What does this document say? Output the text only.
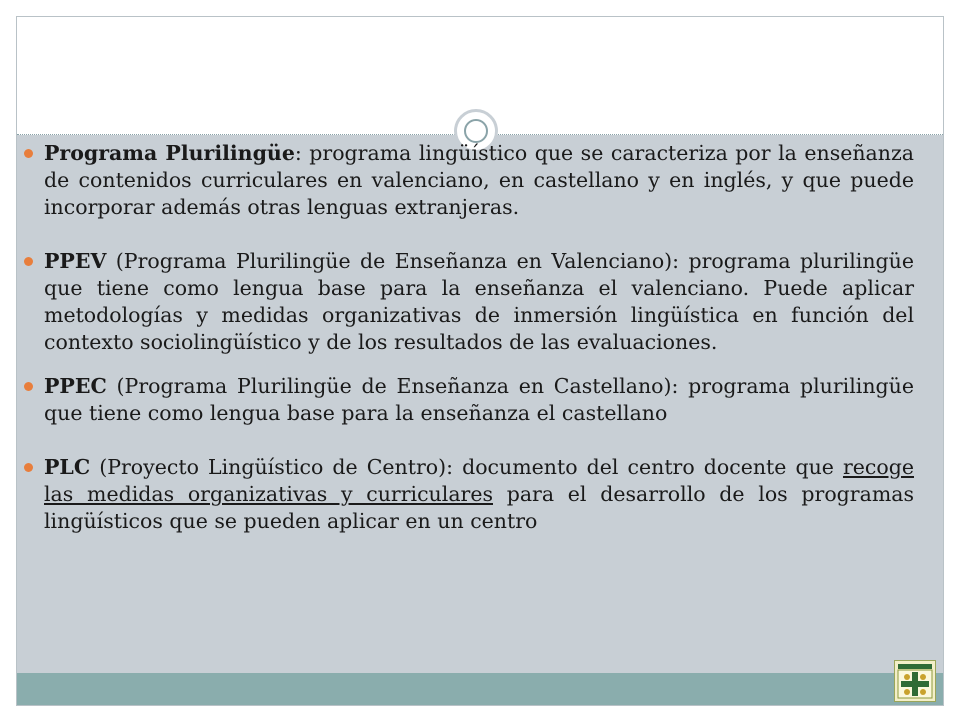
Programa Plurilingüe: programa lingüístico que se caracteriza por la enseñanza de contenidos curriculares en valenciano, en castellano y en inglés, y que puede incorporar además otras lenguas extranjeras.
PPEV (Programa Plurilingüe de Enseñanza en Valenciano): programa plurilingüe que tiene como lengua base para la enseñanza el valenciano. Puede aplicar metodologías y medidas organizativas de inmersión lingüística en función del contexto sociolingüístico y de los resultados de las evaluaciones.
PPEC (Programa Plurilingüe de Enseñanza en Castellano): programa plurilingüe que tiene como lengua base para la enseñanza el castellano
PLC (Proyecto Lingüístico de Centro): documento del centro docente que recoge las medidas organizativas y curriculares para el desarrollo de los programas lingüísticos que se pueden aplicar en un centro
